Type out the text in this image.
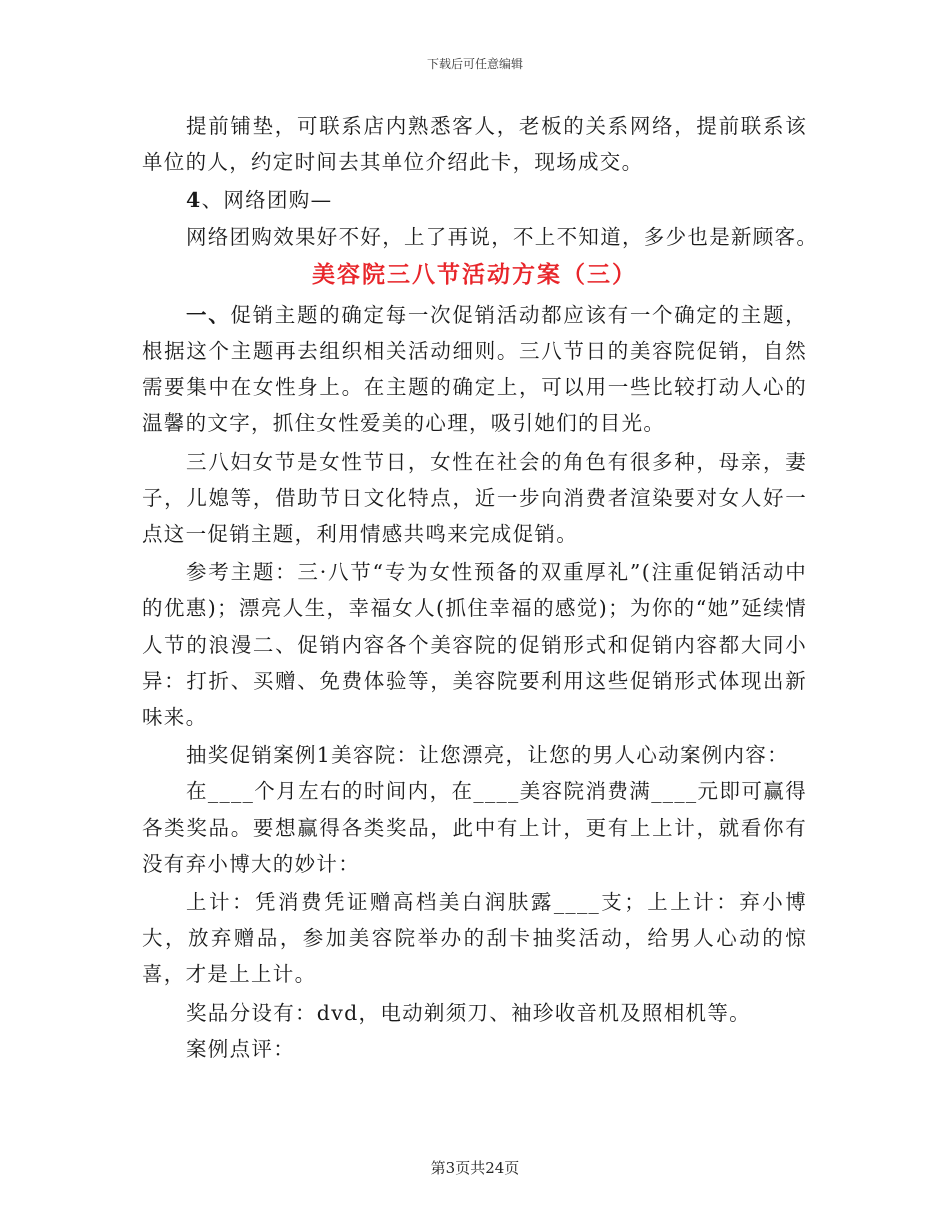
下载后可任意编辑

提前铺垫，可联系店内熟悉客人，老板的关系网络，提前联系该单位的人，约定时间去其单位介绍此卡，现场成交。

4、网络团购—

网络团购效果好不好，上了再说，不上不知道，多少也是新顾客。

美容院三八节活动方案（三）

一、促销主题的确定每一次促销活动都应该有一个确定的主题，根据这个主题再去组织相关活动细则。三八节日的美容院促销，自然需要集中在女性身上。在主题的确定上，可以用一些比较打动人心的温馨的文字，抓住女性爱美的心理，吸引她们的目光。

三八妇女节是女性节日，女性在社会的角色有很多种，母亲，妻子，儿媳等，借助节日文化特点，近一步向消费者渲染要对女人好一点这一促销主题，利用情感共鸣来完成促销。

参考主题：三·八节“专为女性预备的双重厚礼”(注重促销活动中的优惠)；漂亮人生，幸福女人(抓住幸福的感觉)；为你的“她”延续情人节的浪漫二、促销内容各个美容院的促销形式和促销内容都大同小异：打折、买赠、免费体验等，美容院要利用这些促销形式体现出新味来。

抽奖促销案例1美容院：让您漂亮，让您的男人心动案例内容：

在____个月左右的时间内，在____美容院消费满____元即可赢得各类奖品。要想赢得各类奖品，此中有上计，更有上上计，就看你有没有弃小博大的妙计：

上计：凭消费凭证赠高档美白润肤露____支；上上计：弃小博大，放弃赠品，参加美容院举办的刮卡抽奖活动，给男人心动的惊喜，才是上上计。

奖品分设有：dvd，电动剃须刀、袖珍收音机及照相机等。

案例点评：

第3页共24页
